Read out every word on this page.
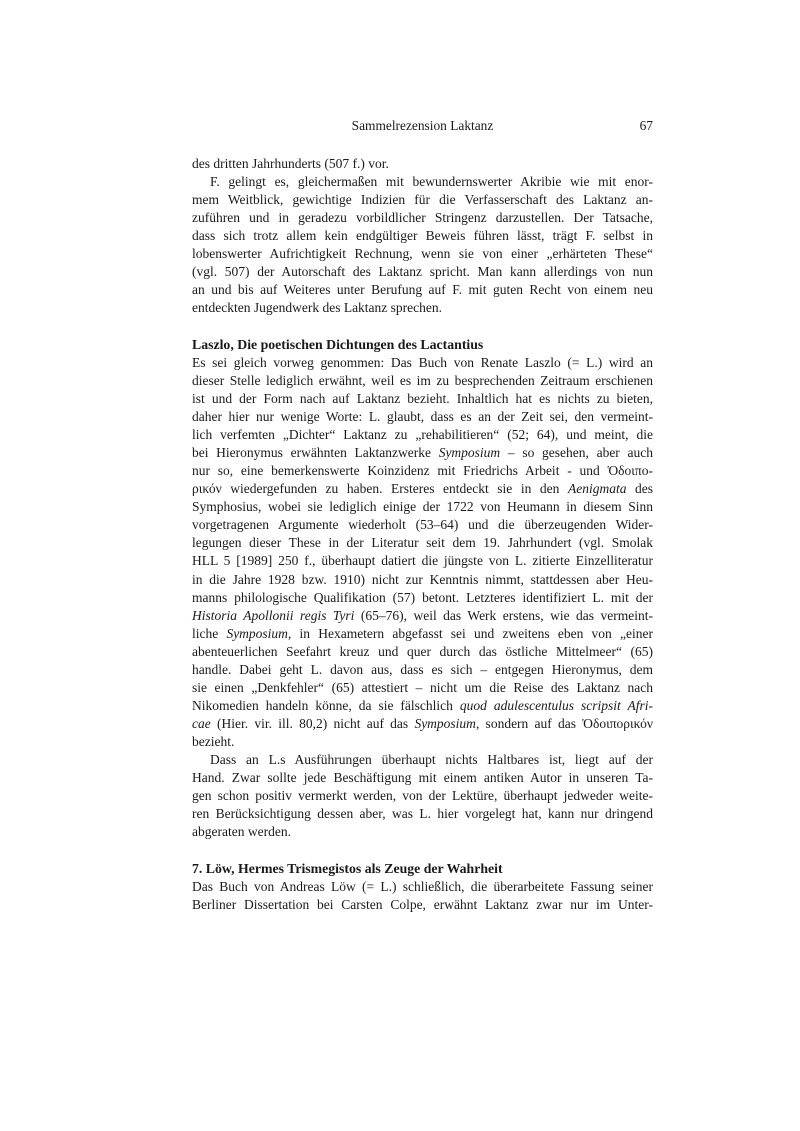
Sammelrezension Laktanz	67
des dritten Jahrhunderts (507 f.) vor.
F. gelingt es, gleichermaßen mit bewundernswerter Akribie wie mit enor-
mem Weitblick, gewichtige Indizien für die Verfasserschaft des Laktanz an-
zuführen und in geradezu vorbildlicher Stringenz darzustellen. Der Tatsache,
dass sich trotz allem kein endgültiger Beweis führen lässt, trägt F. selbst in
lobenswerter Aufrichtigkeit Rechnung, wenn sie von einer „erhärteten These“
(vgl. 507) der Autorschaft des Laktanz spricht. Man kann allerdings von nun
an und bis auf Weiteres unter Berufung auf F. mit guten Recht von einem neu
entdeckten Jugendwerk des Laktanz sprechen.
Laszlo, Die poetischen Dichtungen des Lactantius
Es sei gleich vorweg genommen: Das Buch von Renate Laszlo (= L.) wird an
dieser Stelle lediglich erwähnt, weil es im zu besprechenden Zeitraum erschienen
ist und der Form nach auf Laktanz bezieht. Inhaltlich hat es nichts zu bieten,
daher hier nur wenige Worte: L. glaubt, dass es an der Zeit sei, den vermeint-
lich verfemten „Dichter“ Laktanz zu „rehabilitieren“ (52; 64), und meint, die
bei Hieronymus erwähnten Laktanzwerke Symposium – so gesehen, aber auch
nur so, eine bemerkenswerte Koinzidenz mit Friedrichs Arbeit - und Ὁδοιπο-
ρικόν wiedergefunden zu haben. Ersteres entdeckt sie in den Aenigmata des
Symphosius, wobei sie lediglich einige der 1722 von Heumann in diesem Sinn
vorgetragenen Argumente wiederholt (53–64) und die überzeugenden Wider-
legungen dieser These in der Literatur seit dem 19. Jahrhundert (vgl. Smolak
HLL 5 [1989] 250 f., überhaupt datiert die jüngste von L. zitierte Einzelliteratur
in die Jahre 1928 bzw. 1910) nicht zur Kenntnis nimmt, stattdessen aber Heu-
manns philologische Qualifikation (57) betont. Letzteres identifiziert L. mit der
Historia Apollonii regis Tyri (65–76), weil das Werk erstens, wie das vermeint-
liche Symposium, in Hexametern abgefasst sei und zweitens eben von „einer
abenteuerlichen Seefahrt kreuz und quer durch das östliche Mittelmeer“ (65)
handle. Dabei geht L. davon aus, dass es sich – entgegen Hieronymus, dem
sie einen „Denkfehler“ (65) attestiert – nicht um die Reise des Laktanz nach
Nikomedien handeln könne, da sie fälschlich quod adulescentulus scripsit Afri-
cae (Hier. vir. ill. 80,2) nicht auf das Symposium, sondern auf das Ὁδοιπορικόν
bezieht.
Dass an L.s Ausführungen überhaupt nichts Haltbares ist, liegt auf der
Hand. Zwar sollte jede Beschäftigung mit einem antiken Autor in unseren Ta-
gen schon positiv vermerkt werden, von der Lektüre, überhaupt jedweder weite-
ren Berücksichtigung dessen aber, was L. hier vorgelegt hat, kann nur dringend
abgeraten werden.
7. Löw, Hermes Trismegistos als Zeuge der Wahrheit
Das Buch von Andreas Löw (= L.) schließlich, die überarbeitete Fassung seiner
Berliner Dissertation bei Carsten Colpe, erwähnt Laktanz zwar nur im Unter-
